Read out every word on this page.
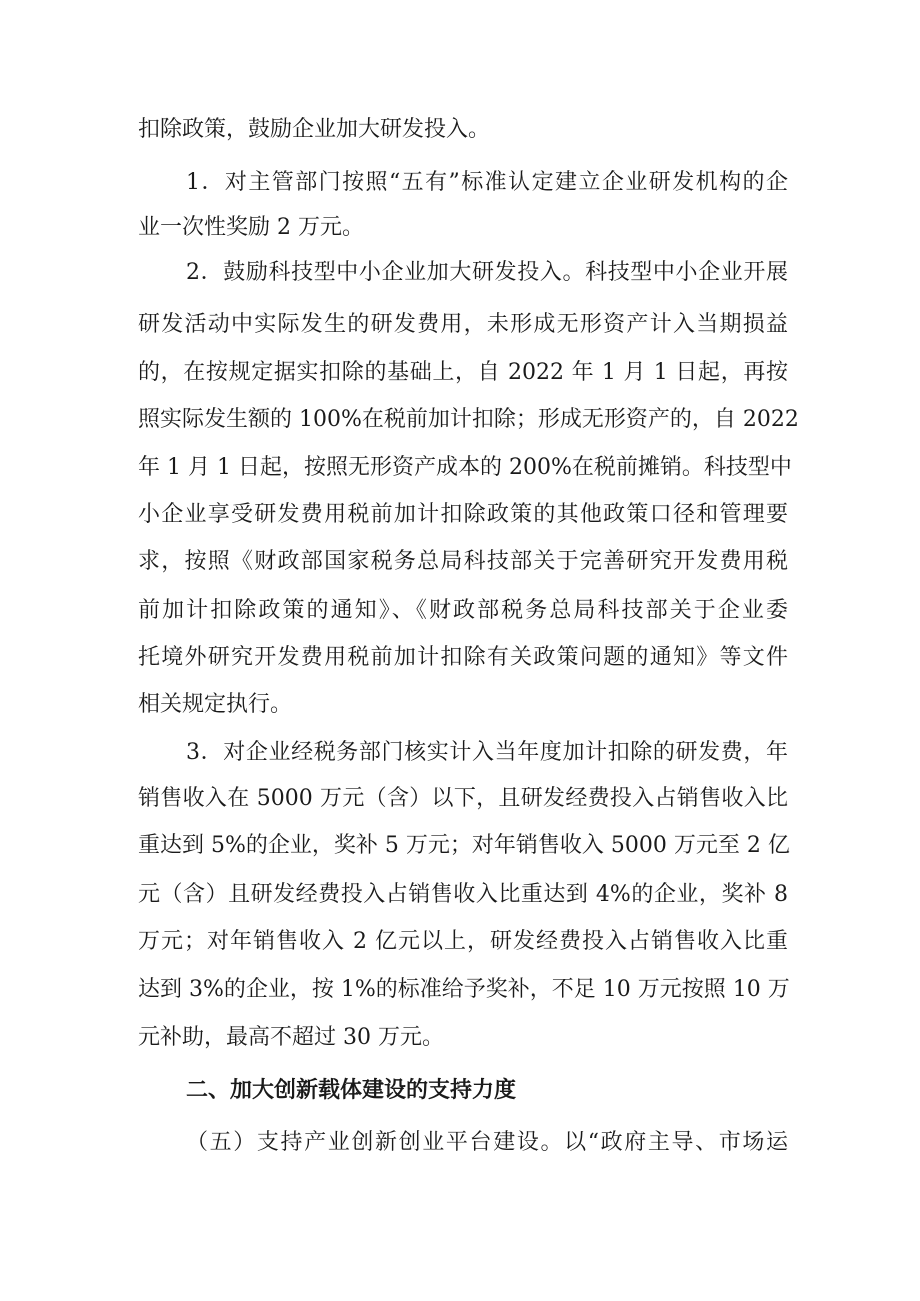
扣除政策，鼓励企业加大研发投入。
1．对主管部门按照“五有”标准认定建立企业研发机构的企
业一次性奖励 2 万元。
2．鼓励科技型中小企业加大研发投入。科技型中小企业开展
研发活动中实际发生的研发费用，未形成无形资产计入当期损益
的，在按规定据实扣除的基础上，自 2022 年 1 月 1 日起，再按
照实际发生额的 100%在税前加计扣除；形成无形资产的，自 2022
年 1 月 1 日起，按照无形资产成本的 200%在税前摊销。科技型中
小企业享受研发费用税前加计扣除政策的其他政策口径和管理要
求，按照《财政部国家税务总局科技部关于完善研究开发费用税
前加计扣除政策的通知》、《财政部税务总局科技部关于企业委
托境外研究开发费用税前加计扣除有关政策问题的通知》等文件
相关规定执行。
3．对企业经税务部门核实计入当年度加计扣除的研发费，年
销售收入在 5000 万元（含）以下，且研发经费投入占销售收入比
重达到 5%的企业，奖补 5 万元；对年销售收入 5000 万元至 2 亿
元（含）且研发经费投入占销售收入比重达到 4%的企业，奖补 8
万元；对年销售收入 2 亿元以上，研发经费投入占销售收入比重
达到 3%的企业，按 1%的标准给予奖补，不足 10 万元按照 10 万
元补助，最高不超过 30 万元。
二、加大创新载体建设的支持力度
（五）支持产业创新创业平台建设。以“政府主导、市场运
